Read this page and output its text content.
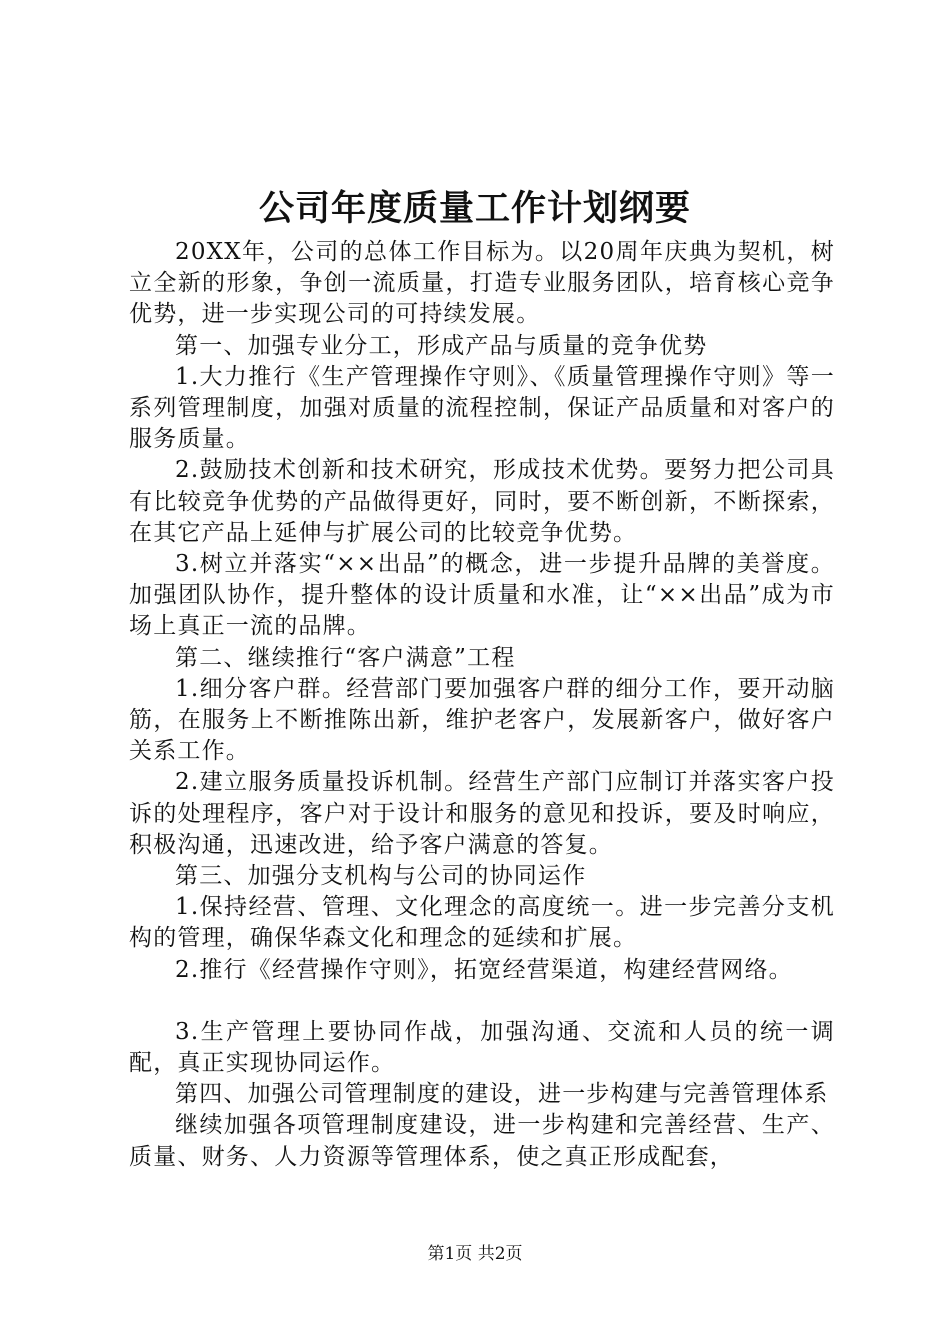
公司年度质量工作计划纲要

20XX年，公司的总体工作目标为。以20周年庆典为契机，树立全新的形象，争创一流质量，打造专业服务团队，培育核心竞争优势，进一步实现公司的可持续发展。

第一、加强专业分工，形成产品与质量的竞争优势

1.大力推行《生产管理操作守则》、《质量管理操作守则》等一系列管理制度，加强对质量的流程控制，保证产品质量和对客户的服务质量。

2.鼓励技术创新和技术研究，形成技术优势。要努力把公司具有比较竞争优势的产品做得更好，同时，要不断创新，不断探索，在其它产品上延伸与扩展公司的比较竞争优势。

3.树立并落实“××出品”的概念，进一步提升品牌的美誉度。加强团队协作，提升整体的设计质量和水准，让“××出品”成为市场上真正一流的品牌。

第二、继续推行“客户满意”工程

1.细分客户群。经营部门要加强客户群的细分工作，要开动脑筋，在服务上不断推陈出新，维护老客户，发展新客户，做好客户关系工作。

2.建立服务质量投诉机制。经营生产部门应制订并落实客户投诉的处理程序，客户对于设计和服务的意见和投诉，要及时响应，积极沟通，迅速改进，给予客户满意的答复。

第三、加强分支机构与公司的协同运作

1.保持经营、管理、文化理念的高度统一。进一步完善分支机构的管理，确保华森文化和理念的延续和扩展。

2.推行《经营操作守则》，拓宽经营渠道，构建经营网络。

3.生产管理上要协同作战，加强沟通、交流和人员的统一调配，真正实现协同运作。

第四、加强公司管理制度的建设，进一步构建与完善管理体系

继续加强各项管理制度建设，进一步构建和完善经营、生产、质量、财务、人力资源等管理体系，使之真正形成配套，

第1页 共2页
